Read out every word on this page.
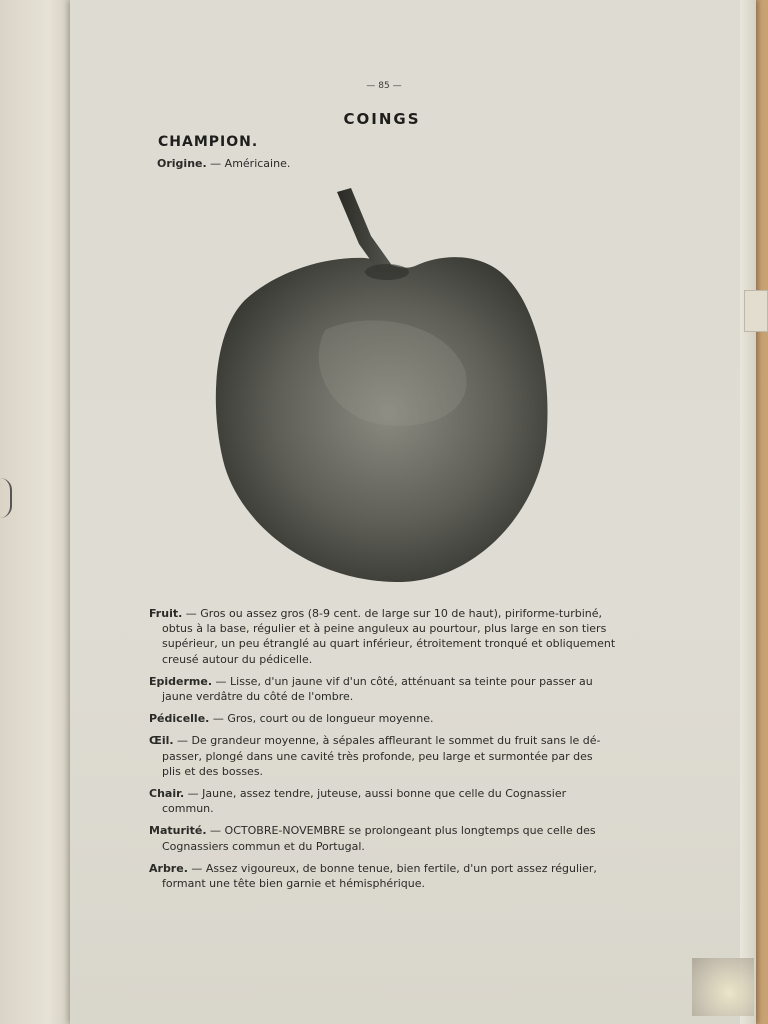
— 85 —
COINGS
CHAMPION.
Origine. — Américaine.
Fruit. — Gros ou assez gros (8-9 cent. de large sur 10 de haut), piriforme-turbiné,
obtus à la base, régulier et à peine anguleux au pourtour, plus large en son tiers
supérieur, un peu étranglé au quart inférieur, étroitement tronqué et obliquement
creusé autour du pédicelle.
Epiderme. — Lisse, d'un jaune vif d'un côté, atténuant sa teinte pour passer au
jaune verdâtre du côté de l'ombre.
Pédicelle. — Gros, court ou de longueur moyenne.
Œil. — De grandeur moyenne, à sépales affleurant le sommet du fruit sans le dé-
passer, plongé dans une cavité très profonde, peu large et surmontée par des
plis et des bosses.
Chair. — Jaune, assez tendre, juteuse, aussi bonne que celle du Cognassier
commun.
Maturité. — OCTOBRE-NOVEMBRE se prolongeant plus longtemps que celle des
Cognassiers commun et du Portugal.
Arbre. — Assez vigoureux, de bonne tenue, bien fertile, d'un port assez régulier,
formant une tête bien garnie et hémisphérique.
